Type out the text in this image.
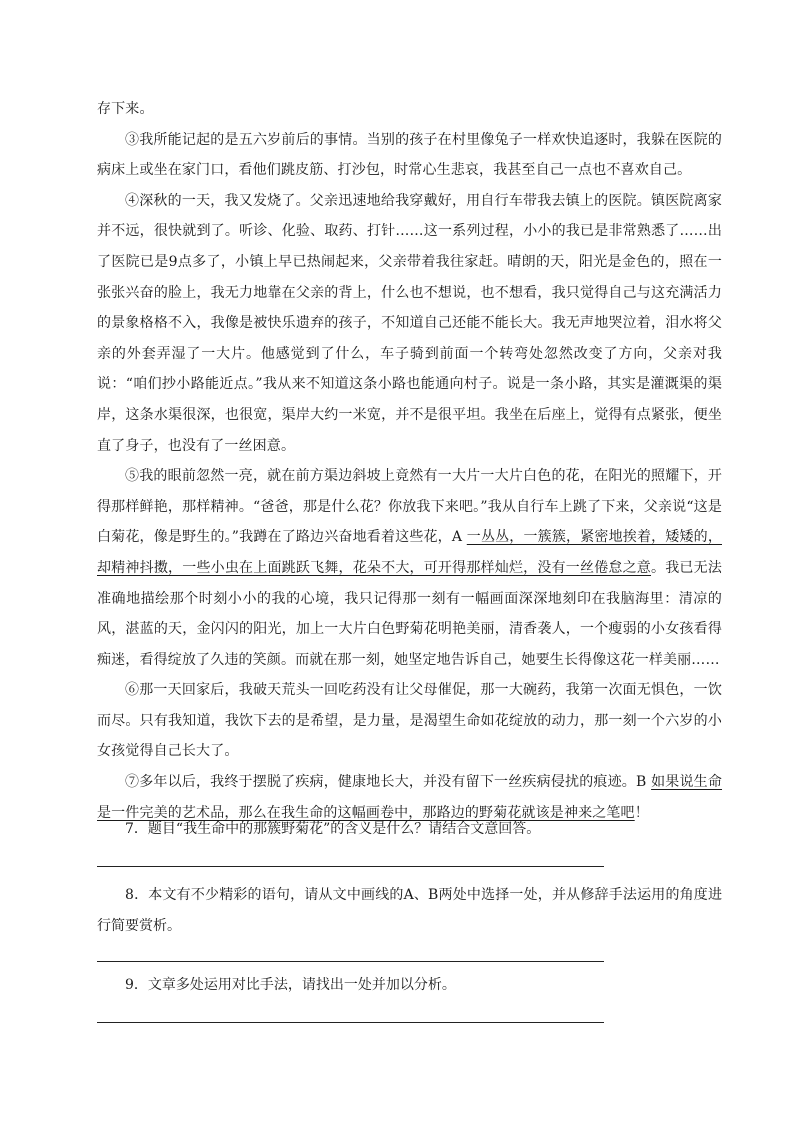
存下来。

③我所能记起的是五六岁前后的事情。当别的孩子在村里像兔子一样欢快追逐时，我躲在医院的病床上或坐在家门口，看他们跳皮筋、打沙包，时常心生悲哀，我甚至自己一点也不喜欢自己。

④深秋的一天，我又发烧了。父亲迅速地给我穿戴好，用自行车带我去镇上的医院。镇医院离家并不远，很快就到了。听诊、化验、取药、打针……这一系列过程，小小的我已是非常熟悉了……出了医院已是9点多了，小镇上早已热闹起来，父亲带着我往家赶。晴朗的天，阳光是金色的，照在一张张兴奋的脸上，我无力地靠在父亲的背上，什么也不想说，也不想看，我只觉得自己与这充满活力的景象格格不入，我像是被快乐遗弃的孩子，不知道自己还能不能长大。我无声地哭泣着，泪水将父亲的外套弄湿了一大片。他感觉到了什么，车子骑到前面一个转弯处忽然改变了方向，父亲对我说：“咱们抄小路能近点。”我从来不知道这条小路也能通向村子。说是一条小路，其实是灌溉渠的渠岸，这条水渠很深，也很宽，渠岸大约一米宽，并不是很平坦。我坐在后座上，觉得有点紧张，便坐直了身子，也没有了一丝困意。

⑤我的眼前忽然一亮，就在前方渠边斜坡上竟然有一大片一大片白色的花，在阳光的照耀下，开得那样鲜艳，那样精神。“爸爸，那是什么花？你放我下来吧。”我从自行车上跳了下来，父亲说“这是白菊花，像是野生的。”我蹲在了路边兴奋地看着这些花，A 一丛丛，一簇簇，紧密地挨着，矮矮的，却精神抖擞，一些小虫在上面跳跃飞舞，花朵不大，可开得那样灿烂，没有一丝倦怠之意。我已无法准确地描绘那个时刻小小的我的心境，我只记得那一刻有一幅画面深深地刻印在我脑海里：清凉的风，湛蓝的天，金闪闪的阳光，加上一大片白色野菊花明艳美丽，清香袭人，一个瘦弱的小女孩看得痴迷，看得绽放了久违的笑颜。而就在那一刻，她坚定地告诉自己，她要生长得像这花一样美丽……

⑥那一天回家后，我破天荒头一回吃药没有让父母催促，那一大碗药，我第一次面无惧色，一饮而尽。只有我知道，我饮下去的是希望，是力量，是渴望生命如花绽放的动力，那一刻一个六岁的小女孩觉得自己长大了。

⑦多年以后，我终于摆脱了疾病，健康地长大，并没有留下一丝疾病侵扰的痕迹。B 如果说生命是一件完美的艺术品，那么在我生命的这幅画卷中，那路边的野菊花就该是神来之笔吧！

7．题目“我生命中的那簇野菊花”的含义是什么？请结合文意回答。

8．本文有不少精彩的语句，请从文中画线的A、B两处中选择一处，并从修辞手法运用的角度进行简要赏析。

9．文章多处运用对比手法，请找出一处并加以分析。
